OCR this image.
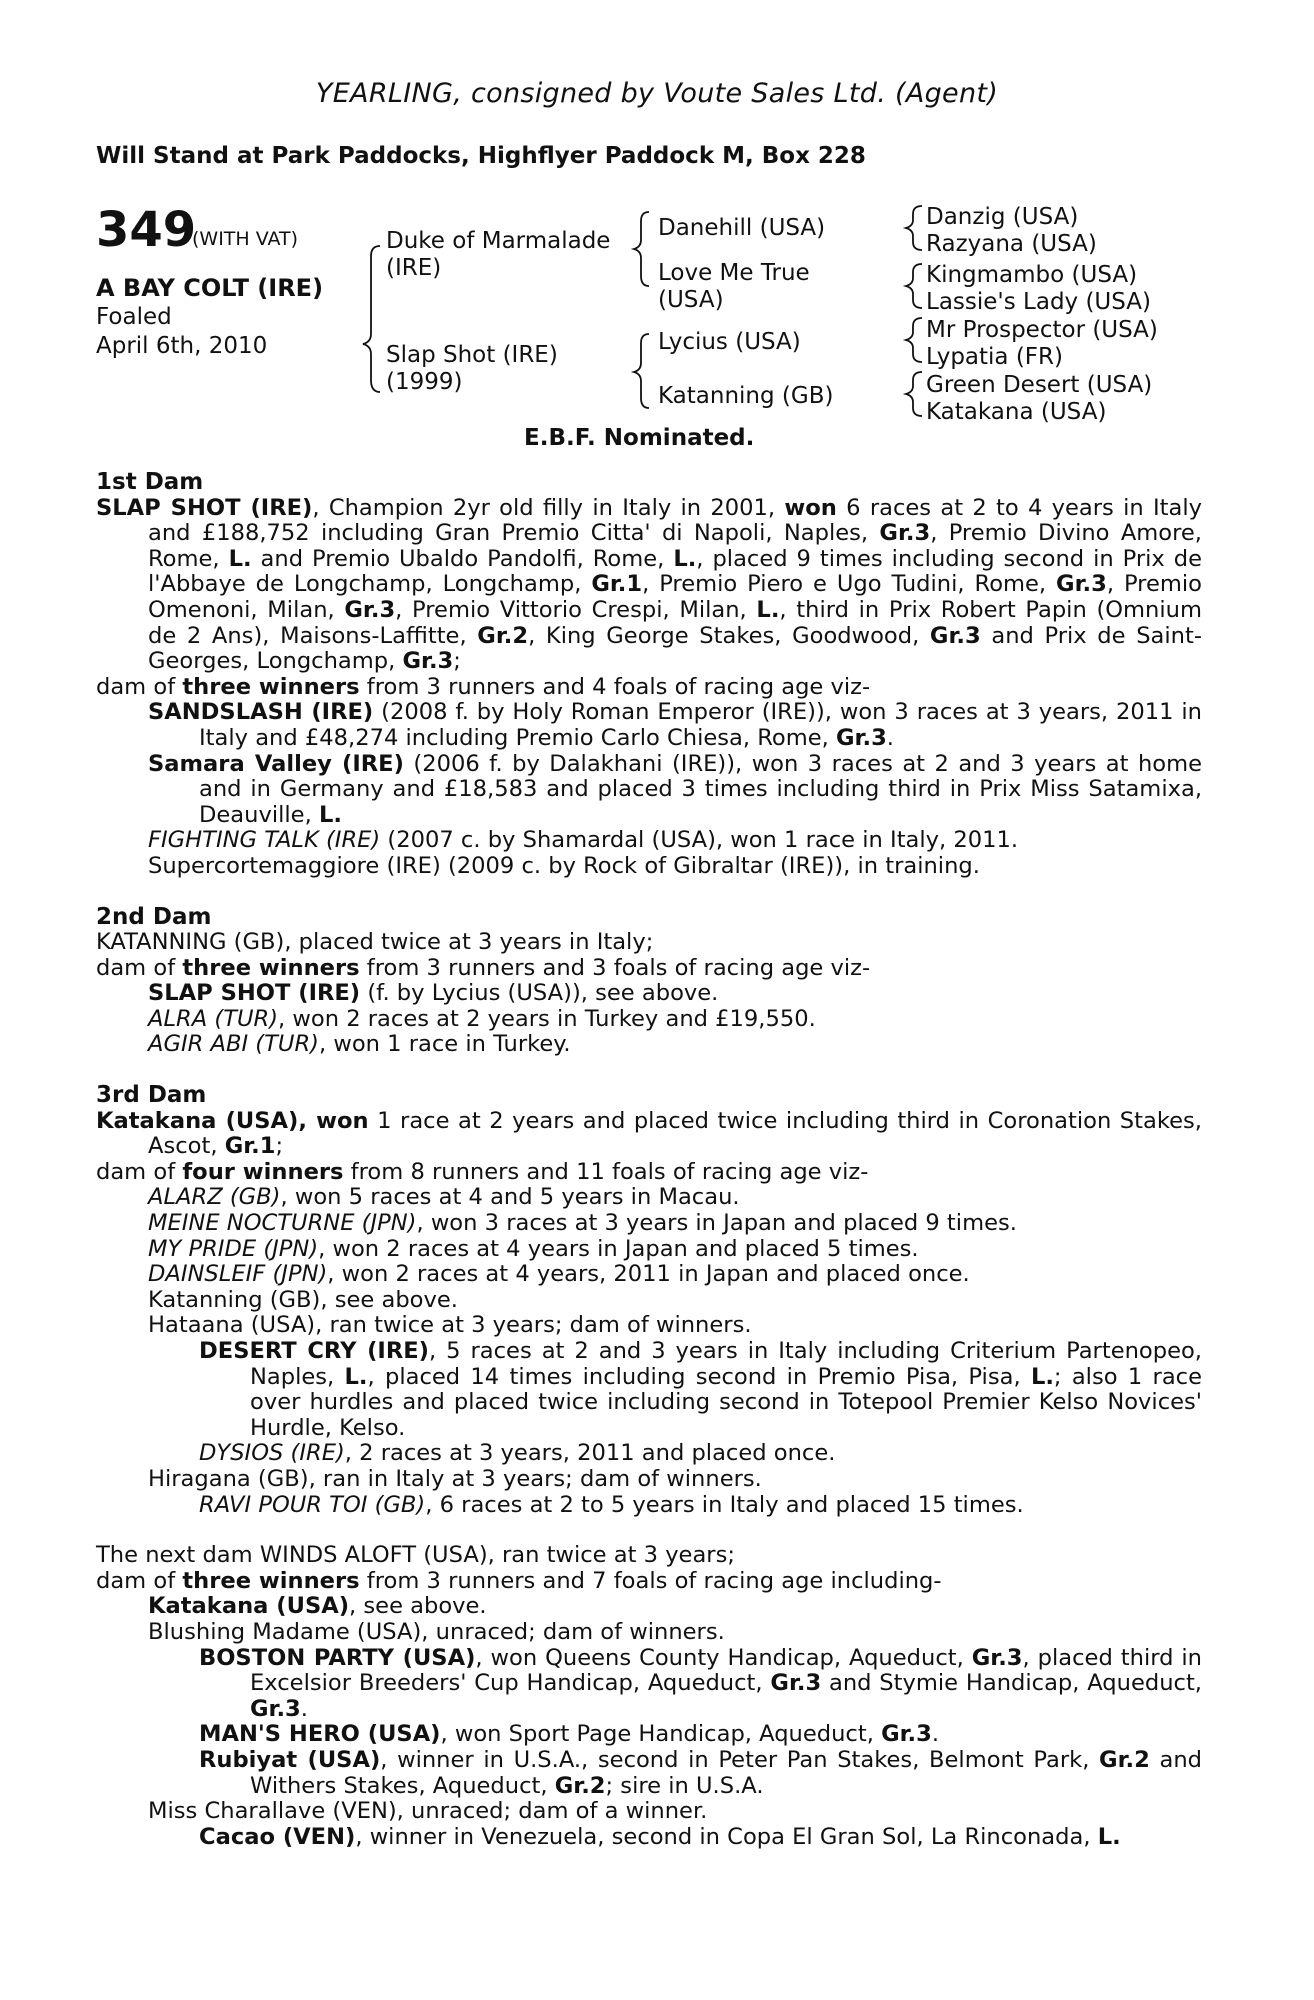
YEARLING, consigned by Voute Sales Ltd. (Agent)
Will Stand at Park Paddocks, Highflyer Paddock M, Box 228
349
(WITH VAT)
A BAY COLT (IRE)
Foaled
April 6th, 2010
Duke of Marmalade (IRE)
Slap Shot (IRE) (1999)
Danehill (USA)
Love Me True (USA)
Lycius (USA)
Katanning (GB)
Danzig (USA)
Razyana (USA)
Kingmambo (USA)
Lassie's Lady (USA)
Mr Prospector (USA)
Lypatia (FR)
Green Desert (USA)
Katakana (USA)
E.B.F. Nominated.

1st Dam

SLAP SHOT (IRE), Champion 2yr old filly in Italy in 2001, won 6 races at 2 to 4 years in Italy and £188,752 including Gran Premio Citta' di Napoli, Naples, Gr.3, Premio Divino Amore, Rome, L. and Premio Ubaldo Pandolfi, Rome, L., placed 9 times including second in Prix de l'Abbaye de Longchamp, Longchamp, Gr.1, Premio Piero e Ugo Tudini, Rome, Gr.3, Premio Omenoni, Milan, Gr.3, Premio Vittorio Crespi, Milan, L., third in Prix Robert Papin (Omnium de 2 Ans), Maisons-Laffitte, Gr.2, King George Stakes, Goodwood, Gr.3 and Prix de Saint-Georges, Longchamp, Gr.3;

dam of three winners from 3 runners and 4 foals of racing age viz-

SANDSLASH (IRE) (2008 f. by Holy Roman Emperor (IRE)), won 3 races at 3 years, 2011 in Italy and £48,274 including Premio Carlo Chiesa, Rome, Gr.3.

Samara Valley (IRE) (2006 f. by Dalakhani (IRE)), won 3 races at 2 and 3 years at home and in Germany and £18,583 and placed 3 times including third in Prix Miss Satamixa, Deauville, L.

FIGHTING TALK (IRE) (2007 c. by Shamardal (USA), won 1 race in Italy, 2011.

Supercortemaggiore (IRE) (2009 c. by Rock of Gibraltar (IRE)), in training.

2nd Dam

KATANNING (GB), placed twice at 3 years in Italy;

dam of three winners from 3 runners and 3 foals of racing age viz-

SLAP SHOT (IRE) (f. by Lycius (USA)), see above.

ALRA (TUR), won 2 races at 2 years in Turkey and £19,550.

AGIR ABI (TUR), won 1 race in Turkey.

3rd Dam

Katakana (USA), won 1 race at 2 years and placed twice including third in Coronation Stakes, Ascot, Gr.1;

dam of four winners from 8 runners and 11 foals of racing age viz-

ALARZ (GB), won 5 races at 4 and 5 years in Macau.

MEINE NOCTURNE (JPN), won 3 races at 3 years in Japan and placed 9 times.

MY PRIDE (JPN), won 2 races at 4 years in Japan and placed 5 times.

DAINSLEIF (JPN), won 2 races at 4 years, 2011 in Japan and placed once.

Katanning (GB), see above.

Hataana (USA), ran twice at 3 years; dam of winners.

DESERT CRY (IRE), 5 races at 2 and 3 years in Italy including Criterium Partenopeo, Naples, L., placed 14 times including second in Premio Pisa, Pisa, L.; also 1 race over hurdles and placed twice including second in Totepool Premier Kelso Novices' Hurdle, Kelso.

DYSIOS (IRE), 2 races at 3 years, 2011 and placed once.

Hiragana (GB), ran in Italy at 3 years; dam of winners.

RAVI POUR TOI (GB), 6 races at 2 to 5 years in Italy and placed 15 times.

The next dam WINDS ALOFT (USA), ran twice at 3 years;

dam of three winners from 3 runners and 7 foals of racing age including-

Katakana (USA), see above.

Blushing Madame (USA), unraced; dam of winners.

BOSTON PARTY (USA), won Queens County Handicap, Aqueduct, Gr.3, placed third in Excelsior Breeders' Cup Handicap, Aqueduct, Gr.3 and Stymie Handicap, Aqueduct, Gr.3.

MAN'S HERO (USA), won Sport Page Handicap, Aqueduct, Gr.3.

Rubiyat (USA), winner in U.S.A., second in Peter Pan Stakes, Belmont Park, Gr.2 and Withers Stakes, Aqueduct, Gr.2; sire in U.S.A.

Miss Charallave (VEN), unraced; dam of a winner.

Cacao (VEN), winner in Venezuela, second in Copa El Gran Sol, La Rinconada, L.
